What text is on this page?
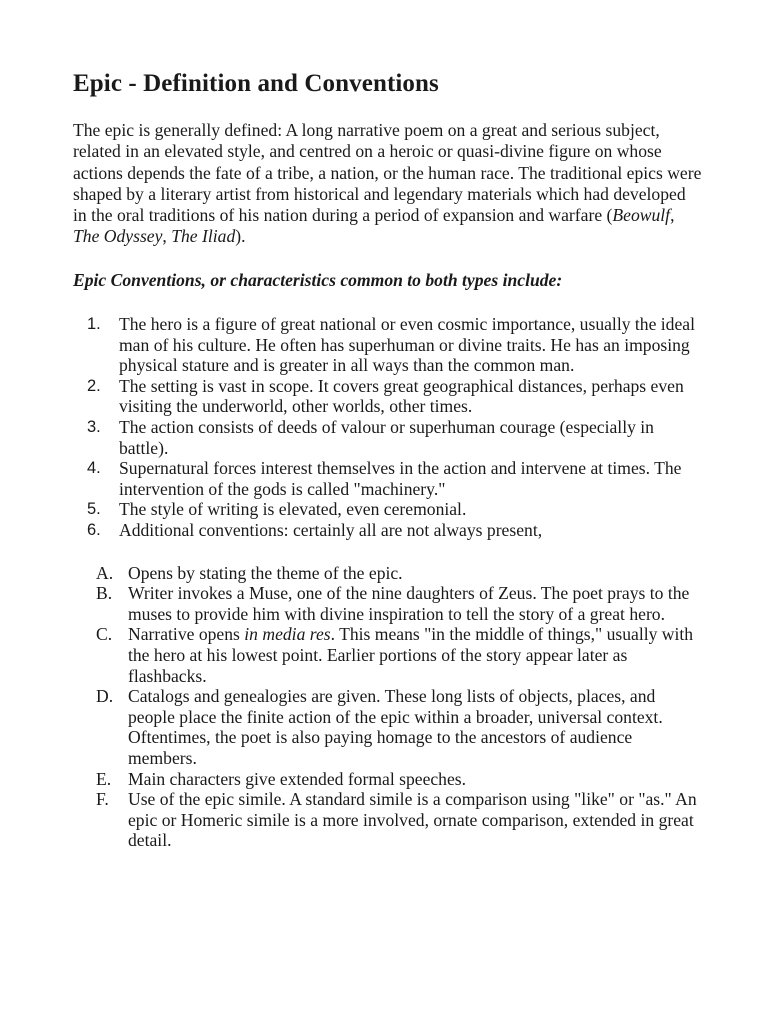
Epic - Definition and Conventions

The epic is generally defined: A long narrative poem on a great and serious subject, related in an elevated style, and centred on a heroic or quasi-divine figure on whose actions depends the fate of a tribe, a nation, or the human race. The traditional epics were shaped by a literary artist from historical and legendary materials which had developed in the oral traditions of his nation during a period of expansion and warfare (Beowulf, The Odyssey, The Iliad).

Epic Conventions, or characteristics common to both types include:

1. The hero is a figure of great national or even cosmic importance, usually the ideal man of his culture. He often has superhuman or divine traits. He has an imposing physical stature and is greater in all ways than the common man.
2. The setting is vast in scope. It covers great geographical distances, perhaps even visiting the underworld, other worlds, other times.
3. The action consists of deeds of valour or superhuman courage (especially in battle).
4. Supernatural forces interest themselves in the action and intervene at times. The intervention of the gods is called "machinery."
5. The style of writing is elevated, even ceremonial.
6. Additional conventions: certainly all are not always present,
A. Opens by stating the theme of the epic.
B. Writer invokes a Muse, one of the nine daughters of Zeus. The poet prays to the muses to provide him with divine inspiration to tell the story of a great hero.
C. Narrative opens in media res. This means "in the middle of things," usually with the hero at his lowest point. Earlier portions of the story appear later as flashbacks.
D. Catalogs and genealogies are given. These long lists of objects, places, and people place the finite action of the epic within a broader, universal context. Oftentimes, the poet is also paying homage to the ancestors of audience members.
E. Main characters give extended formal speeches.
F. Use of the epic simile. A standard simile is a comparison using "like" or "as." An epic or Homeric simile is a more involved, ornate comparison, extended in great detail.
